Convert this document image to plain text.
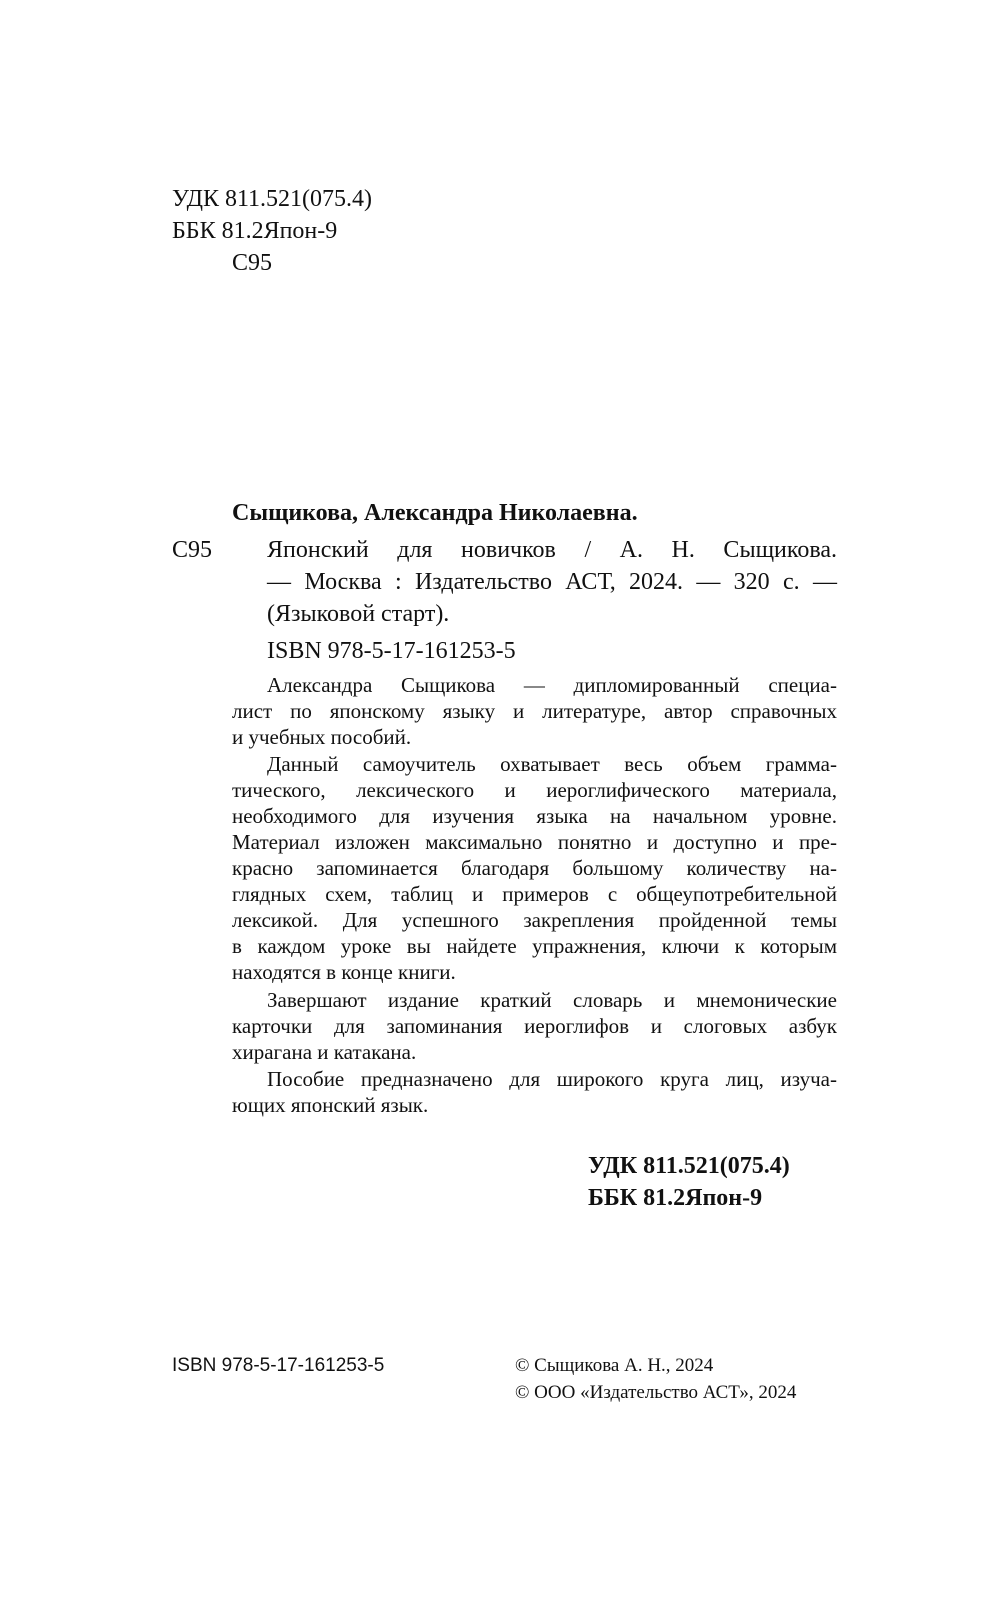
УДК 811.521(075.4)
ББК 81.2Япон-9
С95
Сыщикова, Александра Николаевна.
С95 Японский для новичков / А. Н. Сыщикова.
— Москва : Издательство АСТ, 2024. — 320 с. —
(Языковой старт).
ISBN 978-5-17-161253-5
Александра Сыщикова — дипломированный специа-
лист по японскому языку и литературе, автор справочных
и учебных пособий.
Данный самоучитель охватывает весь объем грамма-
тического, лексического и иероглифического материала,
необходимого для изучения языка на начальном уровне.
Материал изложен максимально понятно и доступно и пре-
красно запоминается благодаря большому количеству на-
глядных схем, таблиц и примеров с общеупотребительной
лексикой. Для успешного закрепления пройденной темы
в каждом уроке вы найдете упражнения, ключи к которым
находятся в конце книги.
Завершают издание краткий словарь и мнемонические
карточки для запоминания иероглифов и слоговых азбук
хирагана и катакана.
Пособие предназначено для широкого круга лиц, изуча-
ющих японский язык.
УДК 811.521(075.4)
ББК 81.2Япон-9
ISBN 978-5-17-161253-5	© Сыщикова А. Н., 2024
© ООО «Издательство АСТ», 2024
